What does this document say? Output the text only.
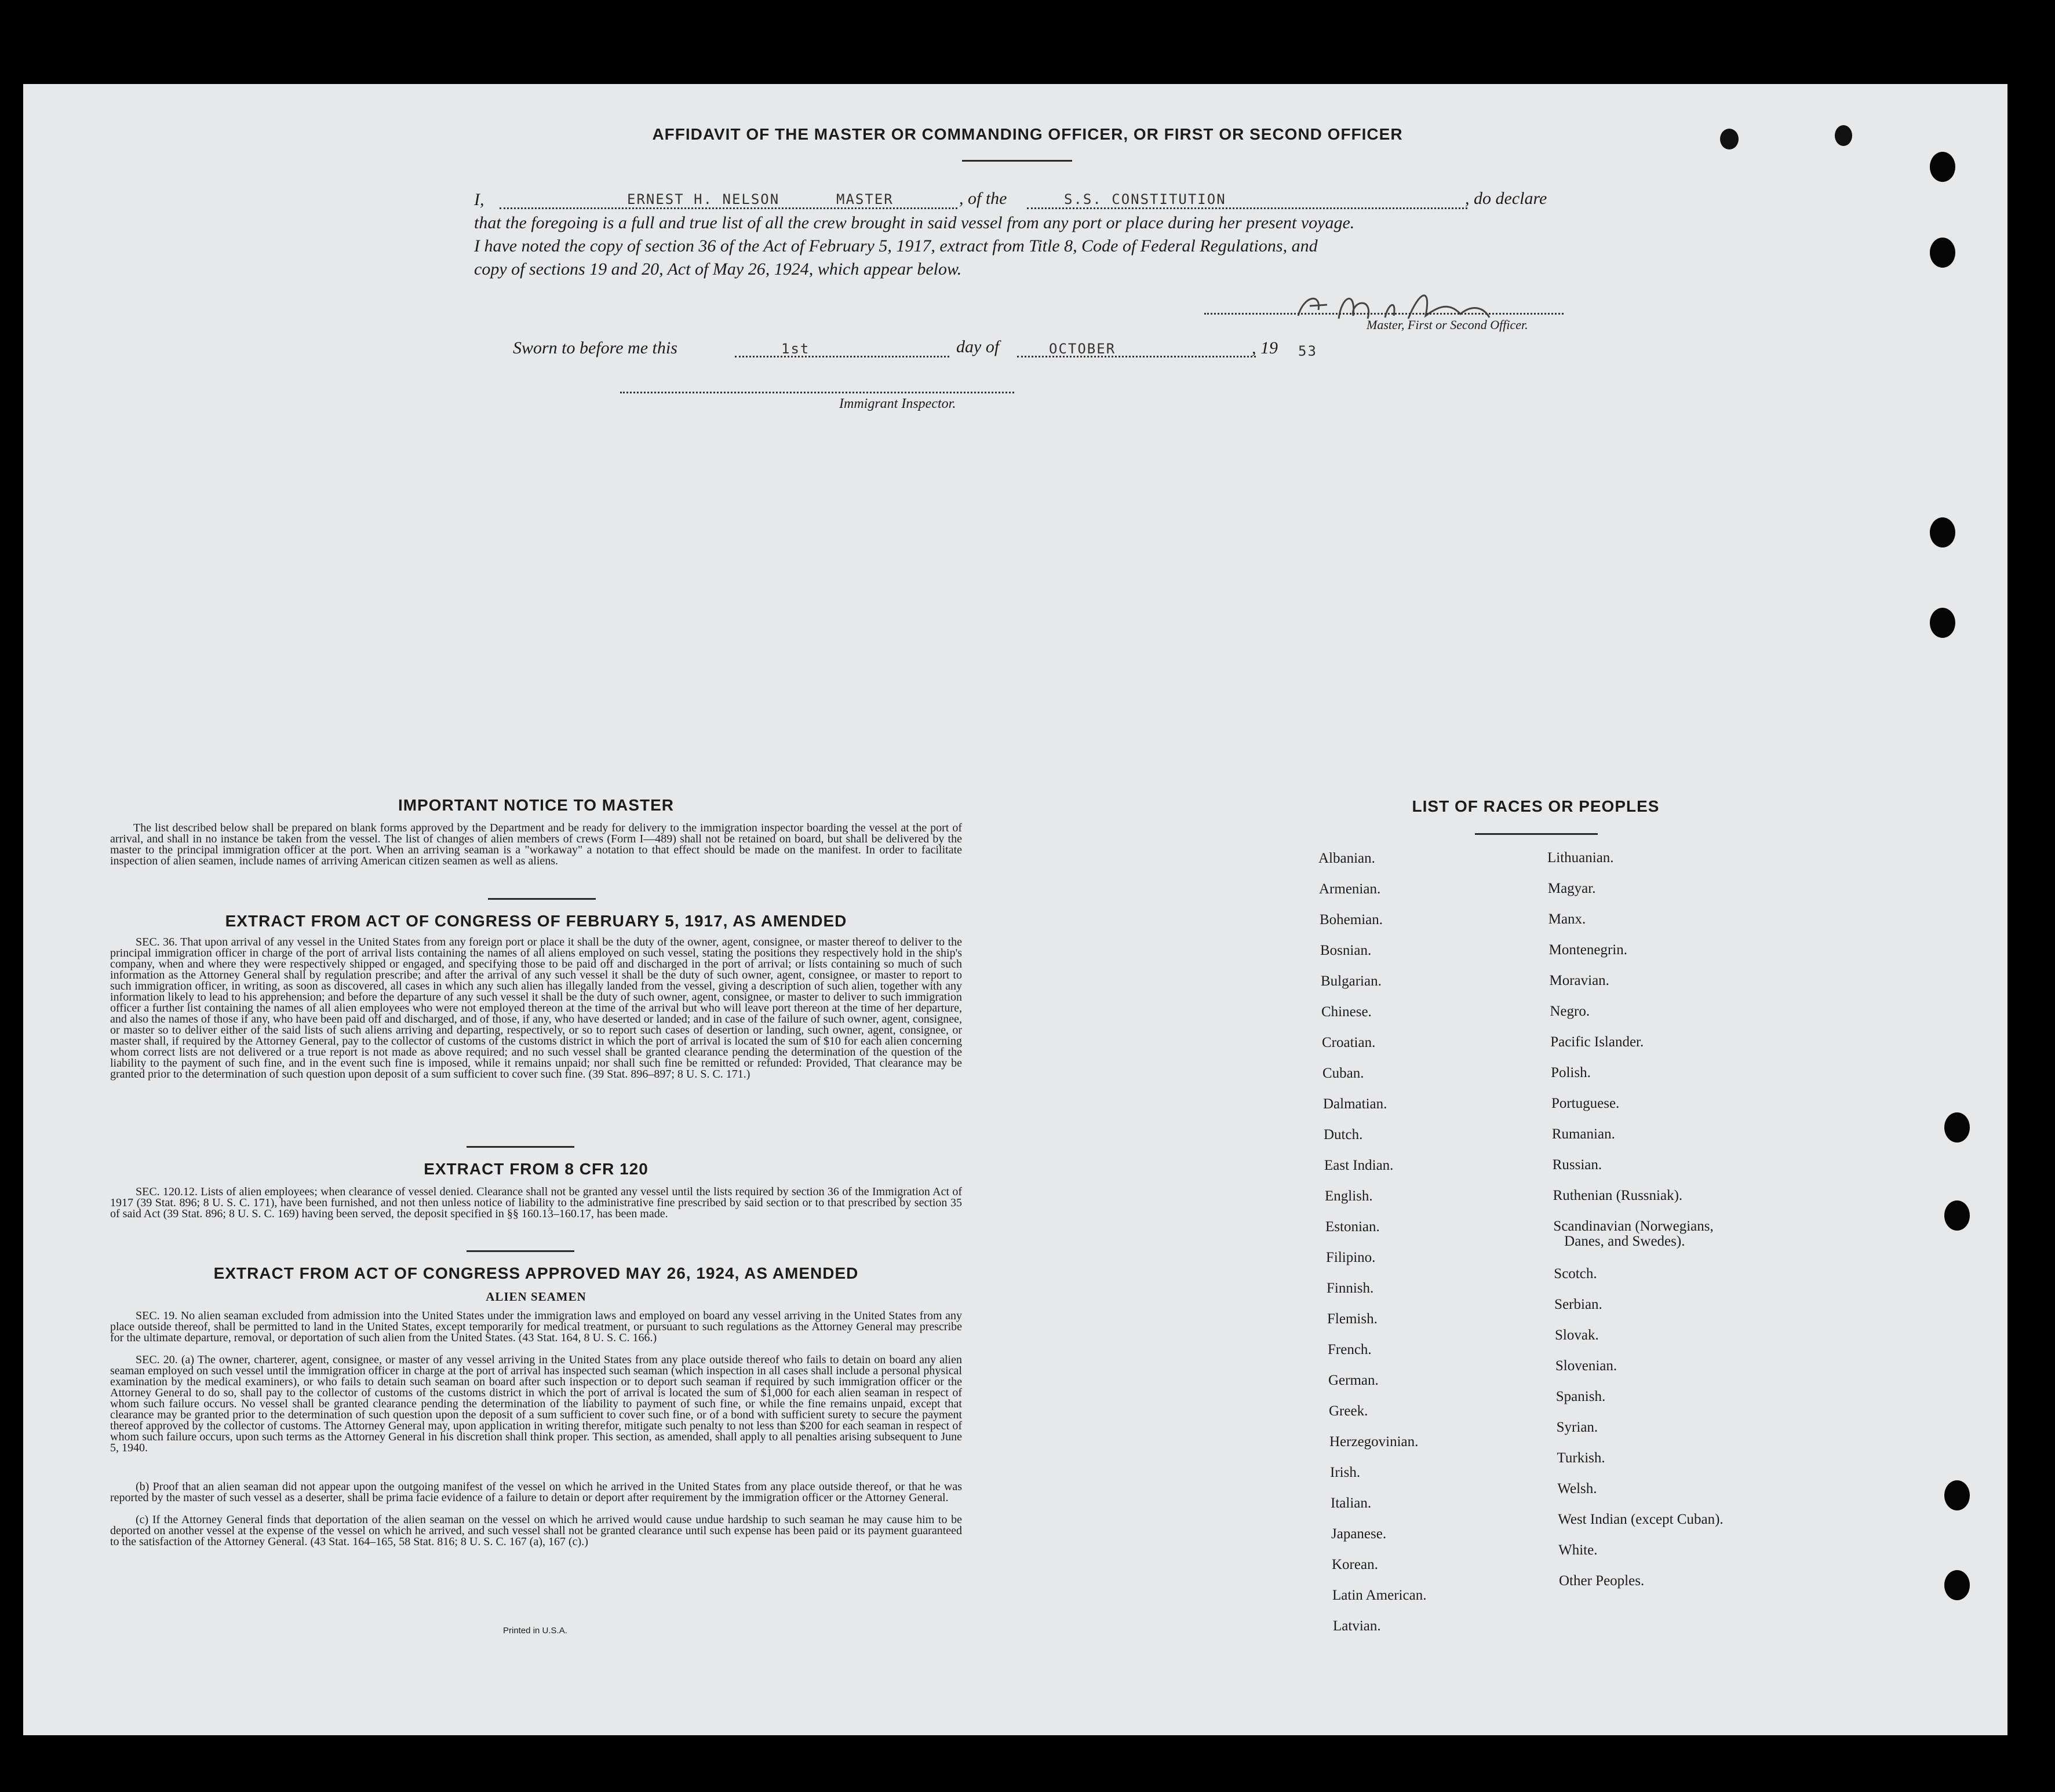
AFFIDAVIT OF THE MASTER OR COMMANDING OFFICER, OR FIRST OR SECOND OFFICER
I,	ERNEST H. NELSON	MASTER	, of the	S.S. CONSTITUTION	, do declare
that the foregoing is a full and true list of all the crew brought in said vessel from any port or place during her present voyage.
I have noted the copy of section 36 of the Act of February 5, 1917, extract from Title 8, Code of Federal Regulations, and
copy of sections 19 and 20, Act of May 26, 1924, which appear below.
Master, First or Second Officer.
Sworn to before me this	1st	day of	OCTOBER	, 19 53
Immigrant Inspector.
IMPORTANT NOTICE TO MASTER
The list described below shall be prepared on blank forms approved by the Department and be ready for delivery to the immigration inspector boarding the vessel at the port of arrival, and shall in no instance be taken from the vessel. The list of changes of alien members of crews (Form I—489) shall not be retained on board, but shall be delivered by the master to the principal immigration officer at the port. When an arriving seaman is a "workaway" a notation to that effect should be made on the manifest. In order to facilitate inspection of alien seamen, include names of arriving American citizen seamen as well as aliens.
EXTRACT FROM ACT OF CONGRESS OF FEBRUARY 5, 1917, AS AMENDED
SEC. 36. That upon arrival of any vessel in the United States from any foreign port or place it shall be the duty of the owner, agent, consignee, or master thereof to deliver to the principal immigration officer in charge of the port of arrival lists containing the names of all aliens employed on such vessel, stating the positions they respectively hold in the ship's company, when and where they were respectively shipped or engaged, and specifying those to be paid off and discharged in the port of arrival; or lists containing so much of such information as the Attorney General shall by regulation prescribe; and after the arrival of any such vessel it shall be the duty of such owner, agent, consignee, or master to report to such immigration officer, in writing, as soon as discovered, all cases in which any such alien has illegally landed from the vessel, giving a description of such alien, together with any information likely to lead to his apprehension; and before the departure of any such vessel it shall be the duty of such owner, agent, consignee, or master to deliver to such immigration officer a further list containing the names of all alien employees who were not employed thereon at the time of the arrival but who will leave port thereon at the time of her departure, and also the names of those if any, who have been paid off and discharged, and of those, if any, who have deserted or landed; and in case of the failure of such owner, agent, consignee, or master so to deliver either of the said lists of such aliens arriving and departing, respectively, or so to report such cases of desertion or landing, such owner, agent, consignee, or master shall, if required by the Attorney General, pay to the collector of customs of the customs district in which the port of arrival is located the sum of $10 for each alien concerning whom correct lists are not delivered or a true report is not made as above required; and no such vessel shall be granted clearance pending the determination of the question of the liability to the payment of such fine, and in the event such fine is imposed, while it remains unpaid; nor shall such fine be remitted or refunded: Provided, That clearance may be granted prior to the determination of such question upon deposit of a sum sufficient to cover such fine. (39 Stat. 896–897; 8 U. S. C. 171.)
EXTRACT FROM 8 CFR 120
SEC. 120.12. Lists of alien employees; when clearance of vessel denied. Clearance shall not be granted any vessel until the lists required by section 36 of the Immigration Act of 1917 (39 Stat. 896; 8 U. S. C. 171), have been furnished, and not then unless notice of liability to the administrative fine prescribed by said section or to that prescribed by section 35 of said Act (39 Stat. 896; 8 U. S. C. 169) having been served, the deposit specified in §§ 160.13–160.17, has been made.
EXTRACT FROM ACT OF CONGRESS APPROVED MAY 26, 1924, AS AMENDED
ALIEN SEAMEN
SEC. 19. No alien seaman excluded from admission into the United States under the immigration laws and employed on board any vessel arriving in the United States from any place outside thereof, shall be permitted to land in the United States, except temporarily for medical treatment, or pursuant to such regulations as the Attorney General may prescribe for the ultimate departure, removal, or deportation of such alien from the United States. (43 Stat. 164, 8 U. S. C. 166.)
SEC. 20. (a) The owner, charterer, agent, consignee, or master of any vessel arriving in the United States from any place outside thereof who fails to detain on board any alien seaman employed on such vessel until the immigration officer in charge at the port of arrival has inspected such seaman (which inspection in all cases shall include a personal physical examination by the medical examiners), or who fails to detain such seaman on board after such inspection or to deport such seaman if required by such immigration officer or the Attorney General to do so, shall pay to the collector of customs of the customs district in which the port of arrival is located the sum of $1,000 for each alien seaman in respect of whom such failure occurs. No vessel shall be granted clearance pending the determination of the liability to payment of such fine, or while the fine remains unpaid, except that clearance may be granted prior to the determination of such question upon the deposit of a sum sufficient to cover such fine, or of a bond with sufficient surety to secure the payment thereof approved by the collector of customs. The Attorney General may, upon application in writing therefor, mitigate such penalty to not less than $200 for each seaman in respect of whom such failure occurs, upon such terms as the Attorney General in his discretion shall think proper. This section, as amended, shall apply to all penalties arising subsequent to June 5, 1940.
(b) Proof that an alien seaman did not appear upon the outgoing manifest of the vessel on which he arrived in the United States from any place outside thereof, or that he was reported by the master of such vessel as a deserter, shall be prima facie evidence of a failure to detain or deport after requirement by the immigration officer or the Attorney General.
(c) If the Attorney General finds that deportation of the alien seaman on the vessel on which he arrived would cause undue hardship to such seaman he may cause him to be deported on another vessel at the expense of the vessel on which he arrived, and such vessel shall not be granted clearance until such expense has been paid or its payment guaranteed to the satisfaction of the Attorney General. (43 Stat. 164–165, 58 Stat. 816; 8 U. S. C. 167 (a), 167 (c).)
Printed in U.S.A.
LIST OF RACES OR PEOPLES
Albanian.
Armenian.
Bohemian.
Bosnian.
Bulgarian.
Chinese.
Croatian.
Cuban.
Dalmatian.
Dutch.
East Indian.
English.
Estonian.
Filipino.
Finnish.
Flemish.
French.
German.
Greek.
Herzegovinian.
Irish.
Italian.
Japanese.
Korean.
Latin American.
Latvian.
Lithuanian.
Magyar.
Manx.
Montenegrin.
Moravian.
Negro.
Pacific Islander.
Polish.
Portuguese.
Rumanian.
Russian.
Ruthenian (Russniak).
Scandinavian (Norwegians,
Danes, and Swedes).
Scotch.
Serbian.
Slovak.
Slovenian.
Spanish.
Syrian.
Turkish.
Welsh.
West Indian (except Cuban).
White.
Other Peoples.
